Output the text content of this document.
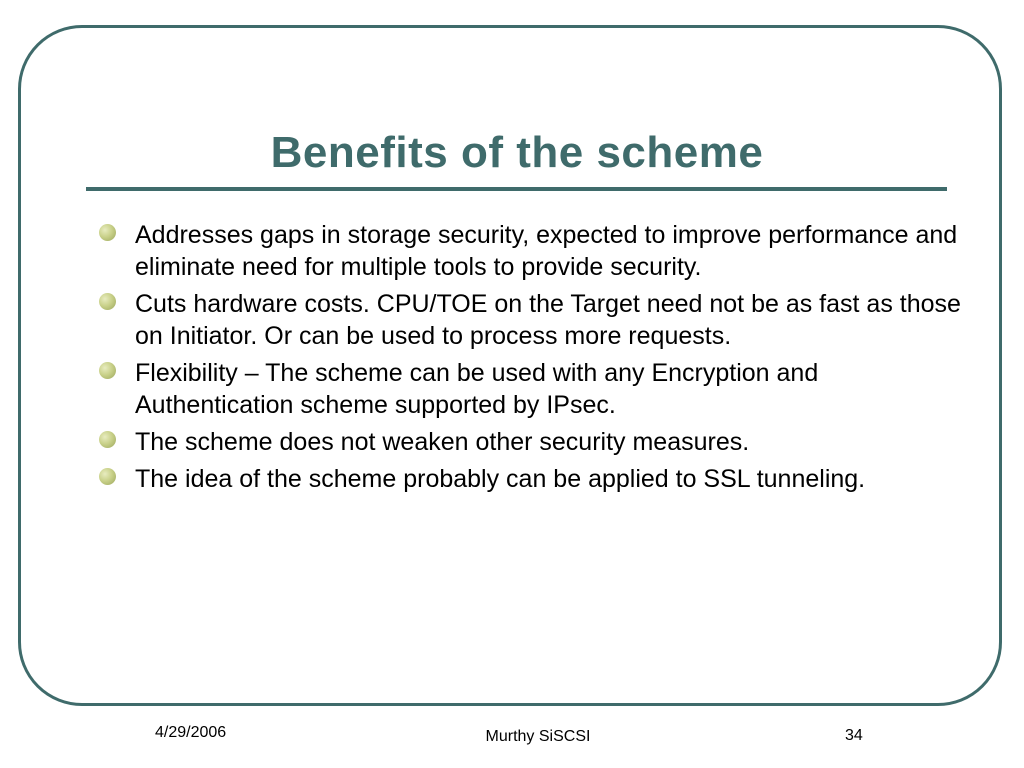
Benefits of the scheme
Addresses gaps in storage security, expected to improve performance and eliminate need for multiple tools to provide security.
Cuts hardware costs. CPU/TOE on the Target need not be as fast as those on Initiator. Or can be used to process more requests.
Flexibility – The scheme can be used with any Encryption and Authentication scheme supported by IPsec.
The scheme does not weaken other security measures.
The idea of the scheme probably can be applied to SSL tunneling.
4/29/2006	Murthy SiSCSI	34
